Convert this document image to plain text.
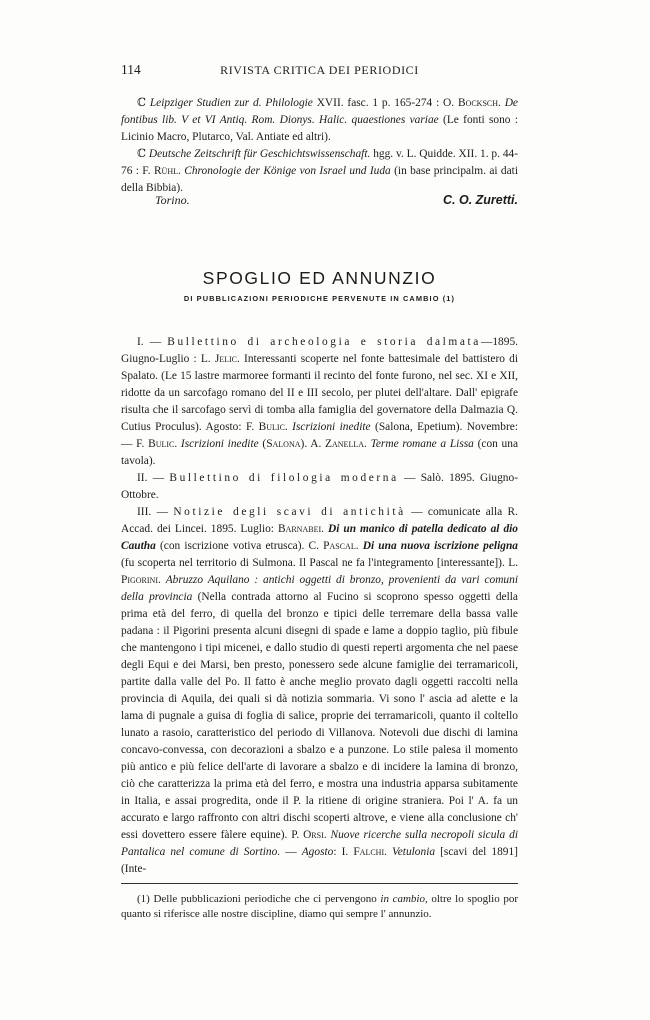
114	RIVISTA CRITICA DEI PERIODICI

ℂ Leipziger Studien zur d. Philologie XVII. fasc. 1 p. 165-274 : O. Bocksch. De fontibus lib. V et VI Antiq. Rom. Dionys. Halic. quaestiones variae (Le fonti sono : Licinio Macro, Plutarco, Val. Antiate ed altri).

ℂ Deutsche Zeitschrift für Geschichtswissenschaft. hgg. v. L. Quidde. XII. 1. p. 44-76 : F. Rühl. Chronologie der Könige von Israel und Iuda (in base principalm. ai dati della Bibbia).

Torino.	C. O. Zuretti.
SPOGLIO ED ANNUNZIO
DI PUBBLICAZIONI PERIODICHE PERVENUTE IN CAMBIO (1)

I. — Bullettino di archeologia e storia dalmata—1895. Giugno-Luglio : L. Jelic. Interessanti scoperte nel fonte battesimale del battistero di Spalato. (Le 15 lastre marmoree formanti il recinto del fonte furono, nel sec. XI e XII, ridotte da un sarcofago romano del II e III secolo, per plutei dell'altare. Dall' epigrafe risulta che il sarcofago servì di tomba alla famiglia del governatore della Dalmazia Q. Cutius Proculus). Agosto: F. Bulic. Iscrizioni inedite (Salona, Epetium). Novembre: — F. Bulic. Iscrizioni inedite (Salona). A. Zanella. Terme romane a Lissa (con una tavola).

II. — Bullettino di filologia moderna — Salò. 1895. Giugno-Ottobre.

III. — Notizie degli scavi di antichità — comunicate alla R. Accad. dei Lincei. 1895. Luglio: Barnabei. Di un manico di patella dedicato al dio Cautha (con iscrizione votiva etrusca). C. Pascal. Di una nuova iscrizione peligna (fu scoperta nel territorio di Sulmona. Il Pascal ne fa l'integramento [interessante]). L. Pigorini. Abruzzo Aquilano : antichi oggetti di bronzo, provenienti da vari comuni della provincia (Nella contrada attorno al Fucino si scoprono spesso oggetti della prima età del ferro, di quella del bronzo e tipici delle terremare della bassa valle padana : il Pigorini presenta alcuni disegni di spade e lame a doppio taglio, più fibule che mantengono i tipi micenei, e dallo studio di questi reperti argomenta che nel paese degli Equi e dei Marsi, ben presto, ponessero sede alcune famiglie dei terramaricoli, partite dalla valle del Po. Il fatto è anche meglio provato dagli oggetti raccolti nella provincia di Aquila, dei quali si dà notizia sommaria. Vi sono l' ascia ad alette e la lama di pugnale a guisa di foglia di salice, proprie dei terramaricoli, quanto il coltello lunato a rasoio, caratteristico del periodo di Villanova. Notevoli due dischi di lamina concavo-convessa, con decorazioni a sbalzo e a punzone. Lo stile palesa il momento più antico e più felice dell'arte di lavorare a sbalzo e di incidere la lamina di bronzo, ciò che caratterizza la prima età del ferro, e mostra una industria apparsa subitamente in Italia, e assai progredita, onde il P. la ritiene di origine straniera. Poi l' A. fa un accurato e largo raffronto con altri dischi scoperti altrove, e viene alla conclusione ch' essi dovettero essere fàlere equine). P. Orsi. Nuove ricerche sulla necropoli sicula di Pantalica nel comune di Sortino. — Agosto: I. Falchi. Vetulonia [scavi del 1891] (Inte-

(1) Delle pubblicazioni periodiche che ci pervengono in cambio, oltre lo spoglio por quanto si riferisce alle nostre discipline, diamo qui sempre l' annunzio.
